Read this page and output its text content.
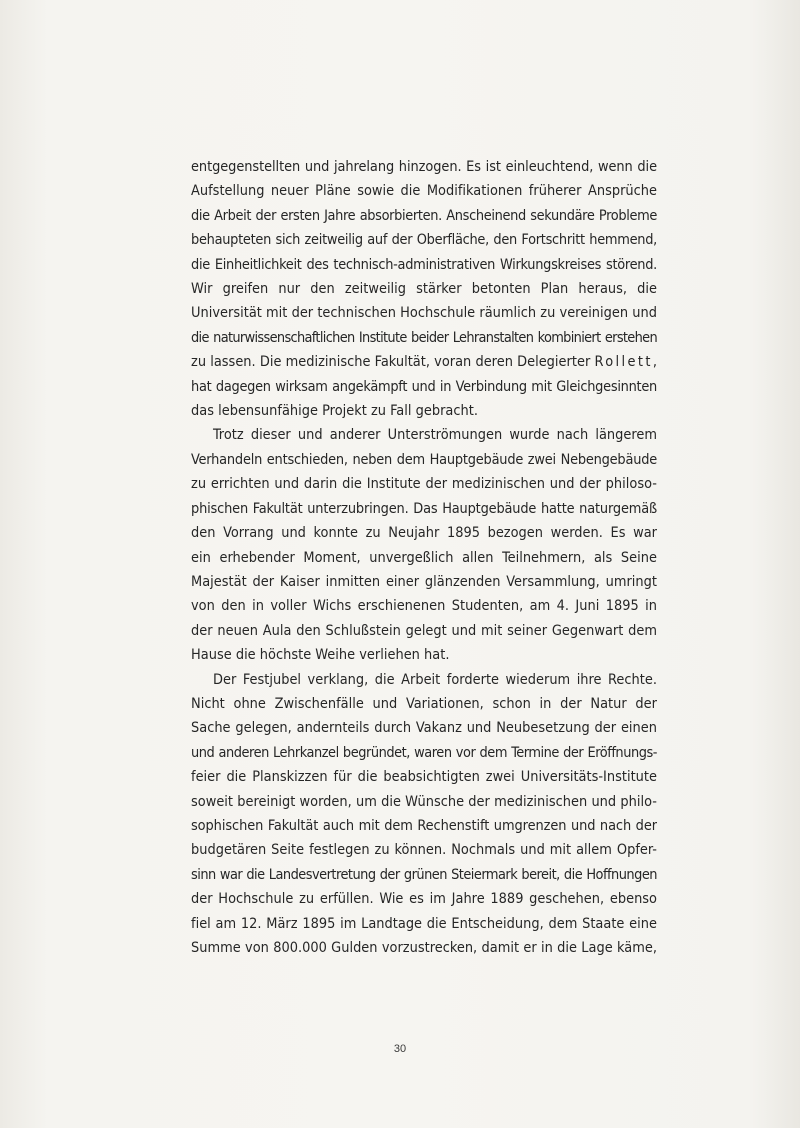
entgegenstellten und jahrelang hinzogen. Es ist einleuchtend, wenn die
Aufstellung neuer Pläne sowie die Modifikationen früherer Ansprüche
die Arbeit der ersten Jahre absorbierten. Anscheinend sekundäre Probleme
behaupteten sich zeitweilig auf der Oberfläche, den Fortschritt hemmend,
die Einheitlichkeit des technisch-administrativen Wirkungskreises störend.
Wir greifen nur den zeitweilig stärker betonten Plan heraus, die
Universität mit der technischen Hochschule räumlich zu vereinigen und
die naturwissenschaftlichen Institute beider Lehranstalten kombiniert erstehen
zu lassen. Die medizinische Fakultät, voran deren Delegierter Rollett,
hat dagegen wirksam angekämpft und in Verbindung mit Gleichgesinnten
das lebensunfähige Projekt zu Fall gebracht.
Trotz dieser und anderer Unterströmungen wurde nach längerem
Verhandeln entschieden, neben dem Hauptgebäude zwei Nebengebäude
zu errichten und darin die Institute der medizinischen und der philoso-
phischen Fakultät unterzubringen. Das Hauptgebäude hatte naturgemäß
den Vorrang und konnte zu Neujahr 1895 bezogen werden. Es war
ein erhebender Moment, unvergeßlich allen Teilnehmern, als Seine
Majestät der Kaiser inmitten einer glänzenden Versammlung, umringt
von den in voller Wichs erschienenen Studenten, am 4. Juni 1895 in
der neuen Aula den Schlußstein gelegt und mit seiner Gegenwart dem
Hause die höchste Weihe verliehen hat.
Der Festjubel verklang, die Arbeit forderte wiederum ihre Rechte.
Nicht ohne Zwischenfälle und Variationen, schon in der Natur der
Sache gelegen, andernteils durch Vakanz und Neubesetzung der einen
und anderen Lehrkanzel begründet, waren vor dem Termine der Eröffnungs-
feier die Planskizzen für die beabsichtigten zwei Universitäts-Institute
soweit bereinigt worden, um die Wünsche der medizinischen und philo-
sophischen Fakultät auch mit dem Rechenstift umgrenzen und nach der
budgetären Seite festlegen zu können. Nochmals und mit allem Opfer-
sinn war die Landesvertretung der grünen Steiermark bereit, die Hoffnungen
der Hochschule zu erfüllen. Wie es im Jahre 1889 geschehen, ebenso
fiel am 12. März 1895 im Landtage die Entscheidung, dem Staate eine
Summe von 800.000 Gulden vorzustrecken, damit er in die Lage käme,
30
